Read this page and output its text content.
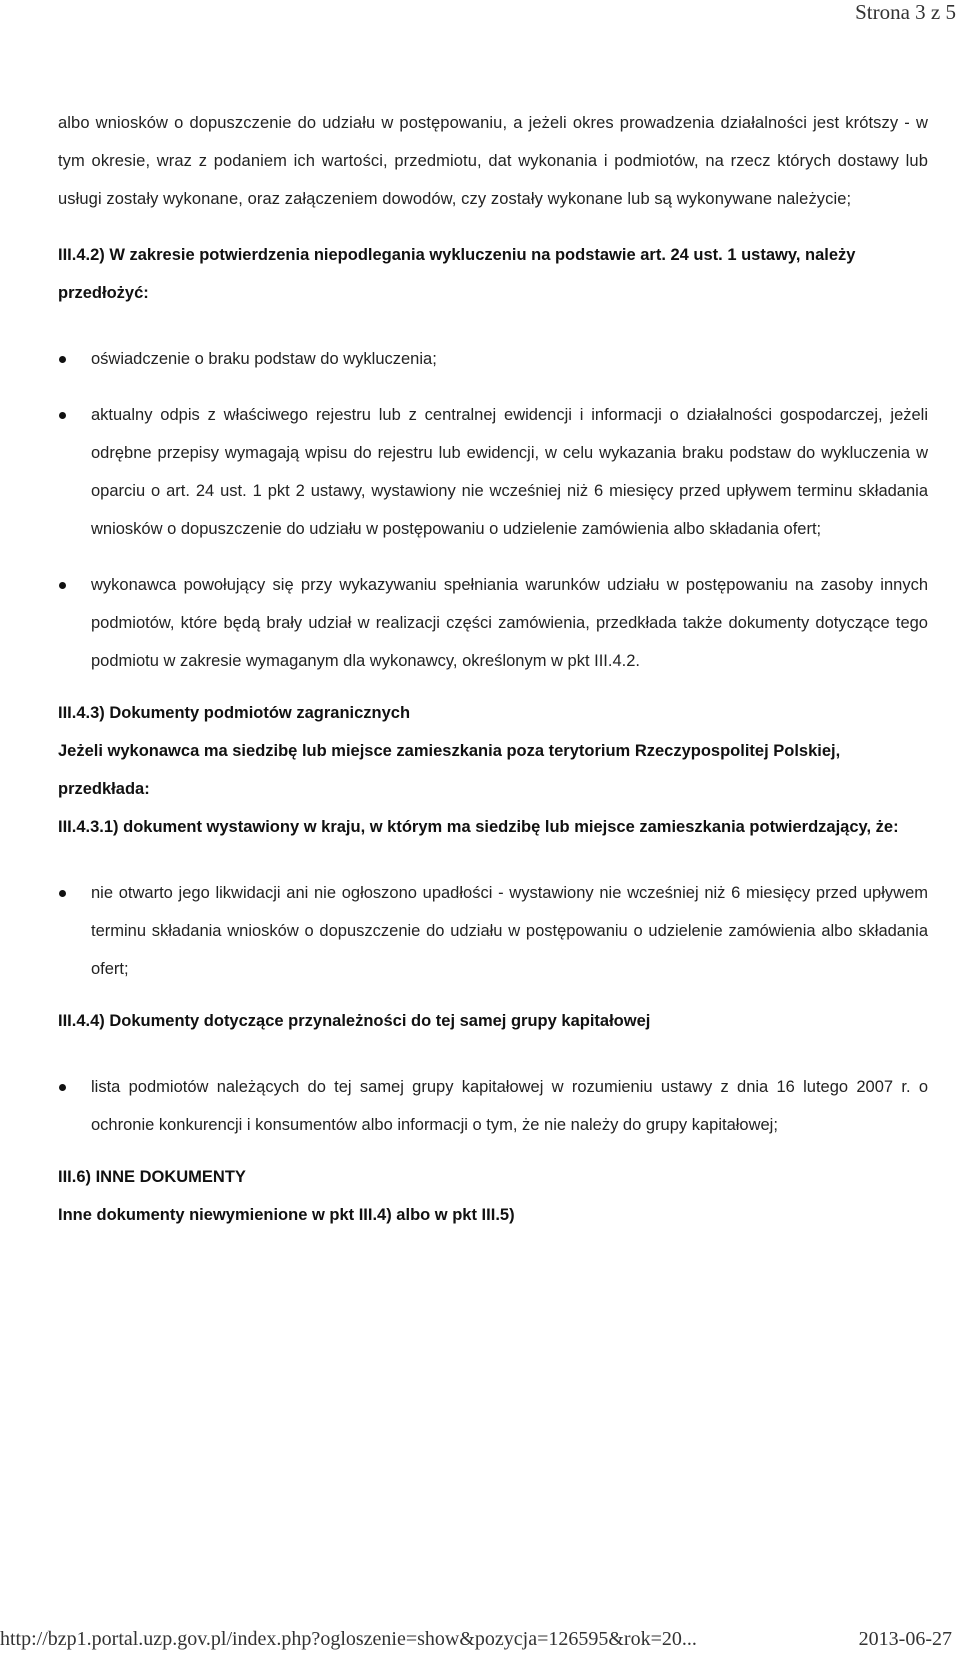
Strona 3 z 5

albo wniosków o dopuszczenie do udziału w postępowaniu, a jeżeli okres prowadzenia działalności jest krótszy - w tym okresie, wraz z podaniem ich wartości, przedmiotu, dat wykonania i podmiotów, na rzecz których dostawy lub usługi zostały wykonane, oraz załączeniem dowodów, czy zostały wykonane lub są wykonywane należycie;

III.4.2) W zakresie potwierdzenia niepodlegania wykluczeniu na podstawie art. 24 ust. 1 ustawy, należy przedłożyć:

oświadczenie o braku podstaw do wykluczenia;
aktualny odpis z właściwego rejestru lub z centralnej ewidencji i informacji o działalności gospodarczej, jeżeli odrębne przepisy wymagają wpisu do rejestru lub ewidencji, w celu wykazania braku podstaw do wykluczenia w oparciu o art. 24 ust. 1 pkt 2 ustawy, wystawiony nie wcześniej niż 6 miesięcy przed upływem terminu składania wniosków o dopuszczenie do udziału w postępowaniu o udzielenie zamówienia albo składania ofert;
wykonawca powołujący się przy wykazywaniu spełniania warunków udziału w postępowaniu na zasoby innych podmiotów, które będą brały udział w realizacji części zamówienia, przedkłada także dokumenty dotyczące tego podmiotu w zakresie wymaganym dla wykonawcy, określonym w pkt III.4.2.

III.4.3) Dokumenty podmiotów zagranicznych

Jeżeli wykonawca ma siedzibę lub miejsce zamieszkania poza terytorium Rzeczypospolitej Polskiej, przedkłada:

III.4.3.1) dokument wystawiony w kraju, w którym ma siedzibę lub miejsce zamieszkania potwierdzający, że:

nie otwarto jego likwidacji ani nie ogłoszono upadłości - wystawiony nie wcześniej niż 6 miesięcy przed upływem terminu składania wniosków o dopuszczenie do udziału w postępowaniu o udzielenie zamówienia albo składania ofert;

III.4.4) Dokumenty dotyczące przynależności do tej samej grupy kapitałowej

lista podmiotów należących do tej samej grupy kapitałowej w rozumieniu ustawy z dnia 16 lutego 2007 r. o ochronie konkurencji i konsumentów albo informacji o tym, że nie należy do grupy kapitałowej;

III.6) INNE DOKUMENTY

Inne dokumenty niewymienione w pkt III.4) albo w pkt III.5)

http://bzp1.portal.uzp.gov.pl/index.php?ogloszenie=show&pozycja=126595&rok=20...	2013-06-27
